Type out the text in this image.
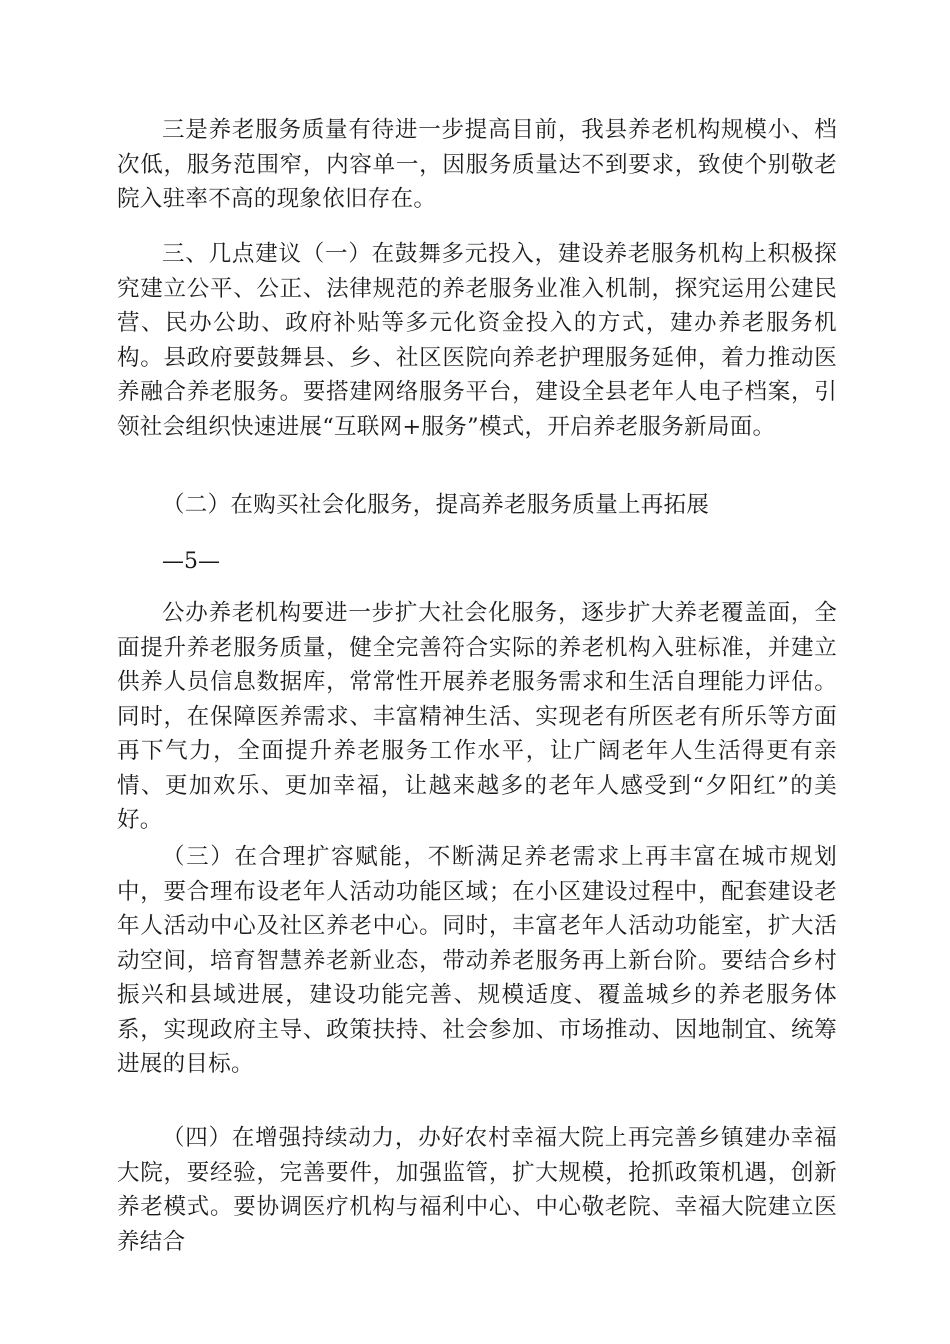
三是养老服务质量有待进一步提高目前，我县养老机构规模小、档次低，服务范围窄，内容单一，因服务质量达不到要求，致使个别敬老院入驻率不高的现象依旧存在。

三、几点建议（一）在鼓舞多元投入，建设养老服务机构上积极探究建立公平、公正、法律规范的养老服务业准入机制，探究运用公建民营、民办公助、政府补贴等多元化资金投入的方式，建办养老服务机构。县政府要鼓舞县、乡、社区医院向养老护理服务延伸，着力推动医养融合养老服务。要搭建网络服务平台，建设全县老年人电子档案，引领社会组织快速进展“互联网+服务”模式，开启养老服务新局面。

（二）在购买社会化服务，提高养老服务质量上再拓展

—5—

公办养老机构要进一步扩大社会化服务，逐步扩大养老覆盖面，全面提升养老服务质量，健全完善符合实际的养老机构入驻标准，并建立供养人员信息数据库，常常性开展养老服务需求和生活自理能力评估。同时，在保障医养需求、丰富精神生活、实现老有所医老有所乐等方面再下气力，全面提升养老服务工作水平，让广阔老年人生活得更有亲情、更加欢乐、更加幸福，让越来越多的老年人感受到“夕阳红”的美好。

（三）在合理扩容赋能，不断满足养老需求上再丰富在城市规划中，要合理布设老年人活动功能区域；在小区建设过程中，配套建设老年人活动中心及社区养老中心。同时，丰富老年人活动功能室，扩大活动空间，培育智慧养老新业态，带动养老服务再上新台阶。要结合乡村振兴和县域进展，建设功能完善、规模适度、覆盖城乡的养老服务体系，实现政府主导、政策扶持、社会参加、市场推动、因地制宜、统筹进展的目标。

（四）在增强持续动力，办好农村幸福大院上再完善乡镇建办幸福大院，要经验，完善要件，加强监管，扩大规模，抢抓政策机遇，创新养老模式。要协调医疗机构与福利中心、中心敬老院、幸福大院建立医养结合
